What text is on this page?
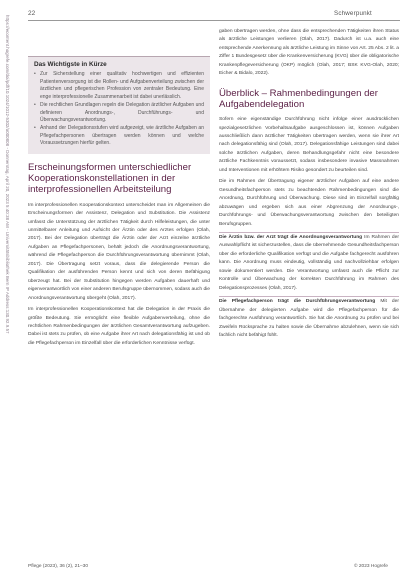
https://econtent.hogrefe.com/doi/pdf/10.1024/1012-5302/a000808 - Donnerstag, April 20, 2023 5:40:38 AM - Universitätsbibliothek Bern IP Address:130.92.9.57
22	Schwerpunkt
Das Wichtigste in Kürze
• Zur Sicherstellung einer qualitativ hochwertigen und effizienten Patientenversorgung ist die Rollen- und Aufgabenverteilung zwischen der ärztlichen und pflegerischen Profession von zentraler Bedeutung. Eine enge interprofessionelle Zusammenarbeit ist dabei unerlässlich.
• Die rechtlichen Grundlagen regeln die Delegation ärztlicher Aufgaben und definieren Anordnungs-, Durchführungs- und Überwachungsverantwortung.
• Anhand der Delegationsstufen wird aufgezeigt, wie ärztliche Aufgaben an Pflegefachpersonen übertragen werden können und welche Voraussetzungen hierfür gelten.
Erscheinungsformen unterschiedlicher Kooperationskonstellationen in der interprofessionellen Arbeitsteilung

Im interprofessionellen Kooperationskontext unterscheidet man im Allgemeinen die Erscheinungsformen der Assistenz, Delegation und Substitution. Die Assistenz umfasst die Unterstützung der ärztlichen Tätigkeit durch Hilfeleistungen, die unter unmittelbarer Anleitung und Aufsicht der Ärztin oder des Arztes erfolgen (Olah, 2017). Bei der Delegation überträgt die Ärztin oder der Arzt einzelne ärztliche Aufgaben an Pflegefachpersonen, behält jedoch die Anordnungsverantwortung, während die Pflegefachperson die Durchführungsverantwortung übernimmt (Olah, 2017). Die Übertragung setzt voraus, dass die delegierende Person die Qualifikation der ausführenden Person kennt und sich von deren Befähigung überzeugt hat. Bei der Substitution hingegen werden Aufgaben dauerhaft und eigenverantwortlich von einer anderen Berufsgruppe übernommen, sodass auch die Anordnungsverantwortung übergeht (Olah, 2017).

Im interprofessionellen Kooperationskontext hat die Delegation in der Praxis die größte Bedeutung. Sie ermöglicht eine flexible Aufgabenverteilung, ohne die rechtlichen Rahmenbedingungen der ärztlichen Gesamtverantwortung aufzugeben. Dabei ist stets zu prüfen, ob eine Aufgabe ihrer Art nach delegationsfähig ist und ob die Pflegefachperson im Einzelfall über die erforderlichen Kenntnisse verfügt.

gaben übertragen werden, ohne dass die entsprechenden Tätigkeiten ihren Status als ärztliche Leistungen verlieren (Olah, 2017). Dadurch ist u.a. auch eine entsprechende Anerkennung als ärztliche Leistung im Sinne von Art. 25 Abs. 2 lit. a Ziffer 1 Bundesgesetz über die Krankenversicherung (KVG) über die obligatorische Krankenpflegeversicherung (OKP) möglich (Olah, 2017; BSK KVG-Olah, 2020; Eicher & Bidalo, 2022).

Überblick – Rahmenbedingungen der Aufgabendelegation

Sofern eine eigenständige Durchführung nicht infolge einer ausdrücklichen spezialgesetzlichen Vorbehaltsaufgabe ausgeschlossen ist, können Aufgaben ausschließlich dann ärztlicher Tätigkeiten übertragen werden, wenn sie ihrer Art nach delegationsfähig sind (Olah, 2017). Delegationsfähige Leistungen sind dabei solche ärztlichen Aufgaben, deren Behandlungsgefahr nicht eine besondere ärztliche Fachkenntnis voraussetzt, sodass insbesondere invasive Massnahmen und Interventionen mit erhöhtem Risiko gesondert zu beurteilen sind.

Die im Rahmen der Übertragung eigener ärztlicher Aufgaben auf eine andere Gesundheitsfachperson stets zu beachtenden Rahmenbedingungen sind die Anordnung, Durchführung und Überwachung. Diese sind im Einzelfall sorgfältig abzuwägen und ergeben sich aus einer Abgrenzung der Anordnungs-, Durchführungs- und Überwachungsverantwortung zwischen den beteiligten Berufsgruppen.

Die Ärztin bzw. der Arzt trägt die Anordnungsverantwortung Im Rahmen der Auswahlpflicht ist sicherzustellen, dass die übernehmende Gesundheitsfachperson über die erforderliche Qualifikation verfügt und die Aufgabe fachgerecht ausführen kann. Die Anordnung muss eindeutig, vollständig und nachvollziehbar erfolgen sowie dokumentiert werden. Die Verantwortung umfasst auch die Pflicht zur Kontrolle und Überwachung der korrekten Durchführung im Rahmen des Delegationsprozesses (Olah, 2017).

Die Pflegefachperson trägt die Durchführungsverantwortung Mit der Übernahme der delegierten Aufgabe wird die Pflegefachperson für die fachgerechte Ausführung verantwortlich. Sie hat die Anordnung zu prüfen und bei Zweifeln Rücksprache zu halten sowie die Übernahme abzulehnen, wenn sie sich fachlich nicht befähigt fühlt.

Pflege (2023), 36 (2), 21–30	© 2023 Hogrefe
